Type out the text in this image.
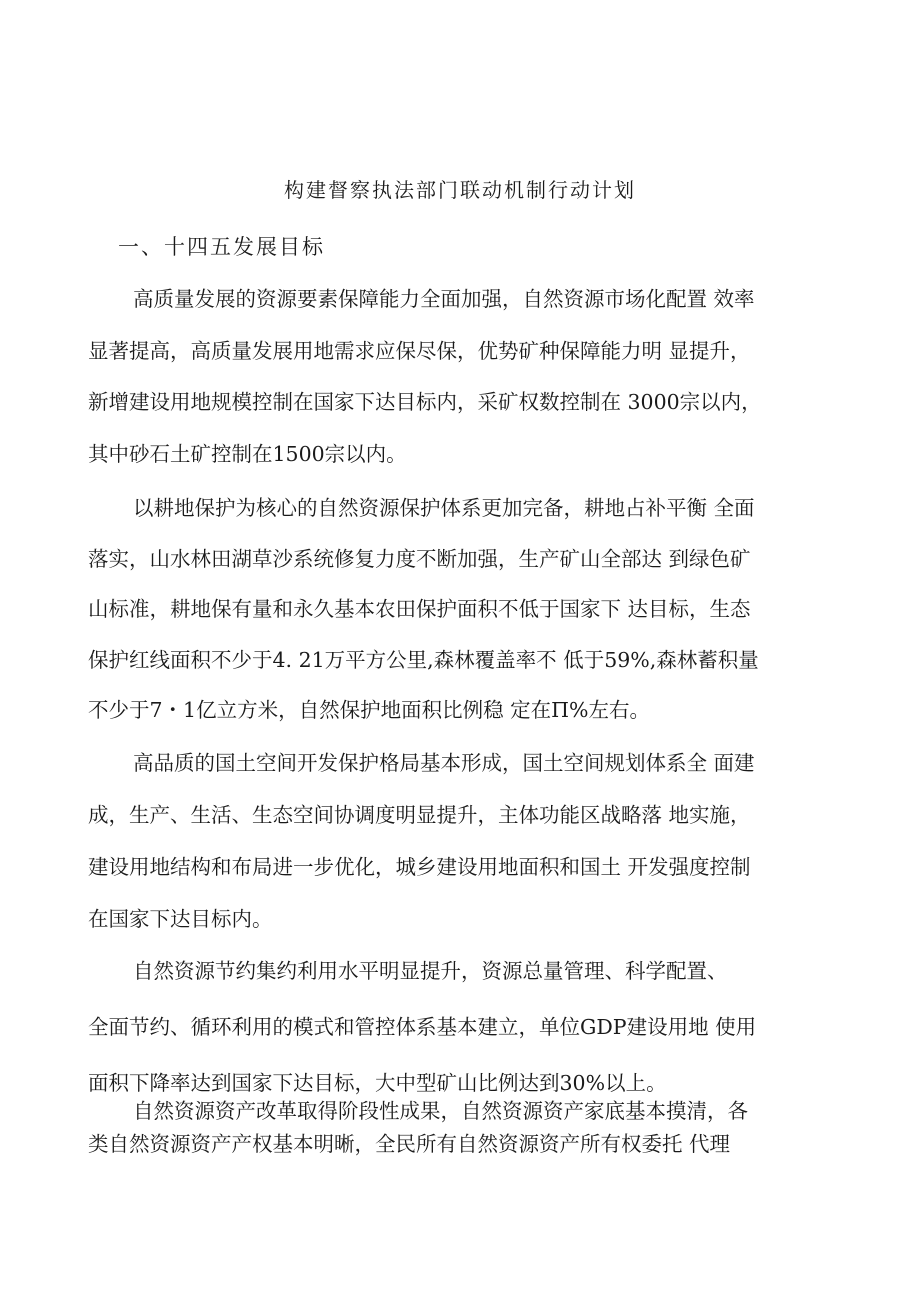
构建督察执法部门联动机制行动计划
一、十四五发展目标
高质量发展的资源要素保障能力全面加强，自然资源市场化配置 效率
显著提高，高质量发展用地需求应保尽保，优势矿种保障能力明 显提升，
新增建设用地规模控制在国家下达目标内，采矿权数控制在 3000宗以内，
其中砂石土矿控制在1500宗以内。
以耕地保护为核心的自然资源保护体系更加完备，耕地占补平衡 全面
落实，山水林田湖草沙系统修复力度不断加强，生产矿山全部达 到绿色矿
山标准，耕地保有量和永久基本农田保护面积不低于国家下 达目标，生态
保护红线面积不少于4. 21万平方公里,森林覆盖率不 低于59%,森林蓄积量
不少于7・1亿立方米，自然保护地面积比例稳 定在Π%左右。
高品质的国土空间开发保护格局基本形成，国土空间规划体系全 面建
成，生产、生活、生态空间协调度明显提升，主体功能区战略落 地实施，
建设用地结构和布局进一步优化，城乡建设用地面积和国土 开发强度控制
在国家下达目标内。
自然资源节约集约利用水平明显提升，资源总量管理、科学配置、
全面节约、循环利用的模式和管控体系基本建立，单位GDP建设用地 使用
面积下降率达到国家下达目标，大中型矿山比例达到30%以上。
自然资源资产改革取得阶段性成果，自然资源资产家底基本摸清，各
类自然资源资产产权基本明晰，全民所有自然资源资产所有权委托 代理
